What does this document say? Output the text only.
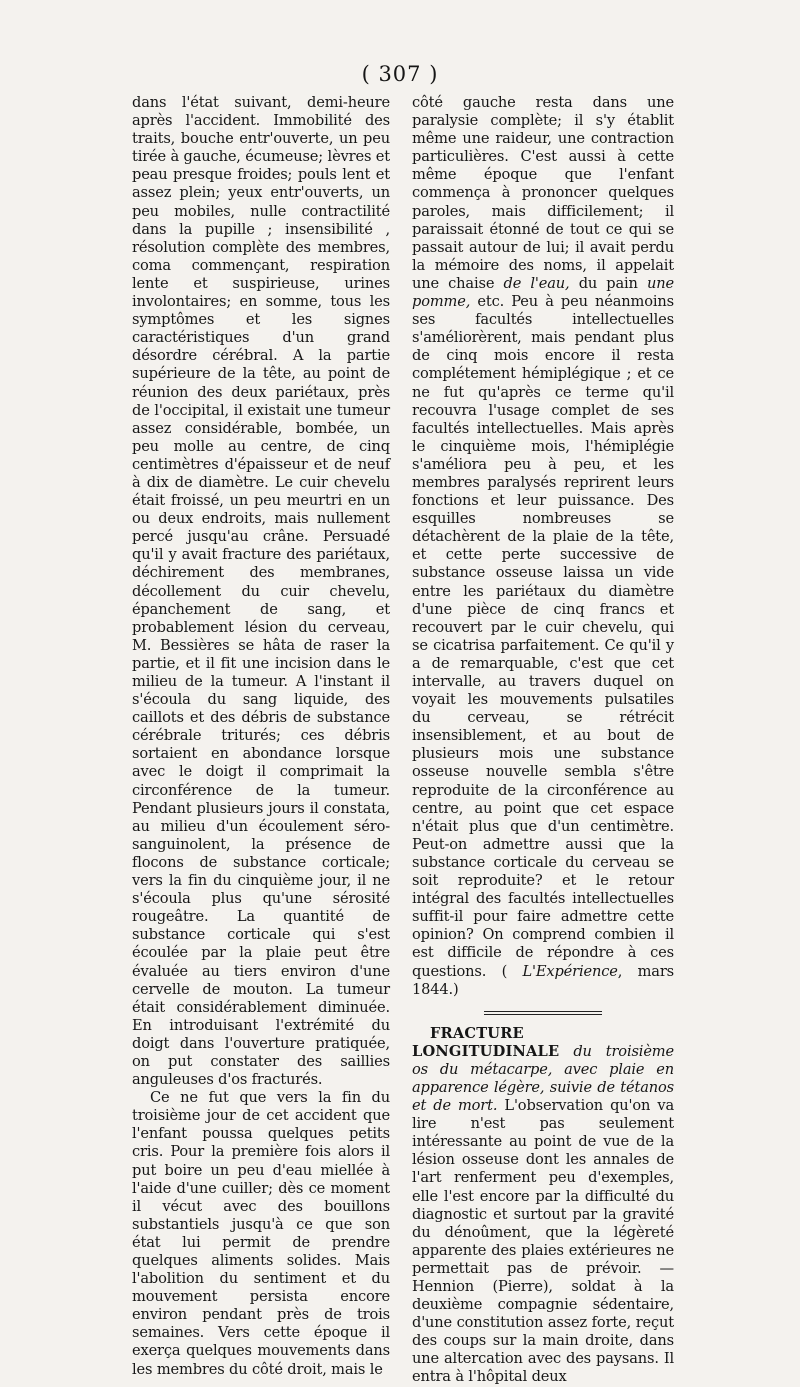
( 307 )

dans l'état suivant, demi-heure après l'accident. Immobilité des traits, bouche entr'ouverte, un peu tirée à gauche, écumeuse; lèvres et peau presque froides; pouls lent et assez plein; yeux entr'ouverts, un peu mobiles, nulle contractilité dans la pupille ; insensibilité , résolution complète des membres, coma commençant, respiration lente et suspirieuse, urines involontaires; en somme, tous les symptômes et les signes caractéristiques d'un grand désordre cérébral. A la partie supérieure de la tête, au point de réunion des deux pariétaux, près de l'occipital, il existait une tumeur assez considérable, bombée, un peu molle au centre, de cinq centimètres d'épaisseur et de neuf à dix de diamètre. Le cuir chevelu était froissé, un peu meurtri en un ou deux endroits, mais nullement percé jusqu'au crâne. Persuadé qu'il y avait fracture des pariétaux, déchirement des membranes, décollement du cuir chevelu, épanchement de sang, et probablement lésion du cerveau, M. Bessières se hâta de raser la partie, et il fit une incision dans le milieu de la tumeur. A l'instant il s'écoula du sang liquide, des caillots et des débris de substance cérébrale triturés; ces débris sortaient en abondance lorsque avec le doigt il comprimait la circonférence de la tumeur. Pendant plusieurs jours il constata, au milieu d'un écoulement séro-sanguinolent, la présence de flocons de substance corticale; vers la fin du cinquième jour, il ne s'écoula plus qu'une sérosité rougeâtre. La quantité de substance corticale qui s'est écoulée par la plaie peut être évaluée au tiers environ d'une cervelle de mouton. La tumeur était considérablement diminuée. En introduisant l'extrémité du doigt dans l'ouverture pratiquée, on put constater des saillies anguleuses d'os fracturés.

Ce ne fut que vers la fin du troisième jour de cet accident que l'enfant poussa quelques petits cris. Pour la première fois alors il put boire un peu d'eau miellée à l'aide d'une cuiller; dès ce moment il vécut avec des bouillons substantiels jusqu'à ce que son état lui permit de prendre quelques aliments solides. Mais l'abolition du sentiment et du mouvement persista encore environ pendant près de trois semaines. Vers cette époque il exerça quelques mouvements dans les membres du côté droit, mais le

côté gauche resta dans une paralysie complète; il s'y établit même une raideur, une contraction particulières. C'est aussi à cette même époque que l'enfant commença à prononcer quelques paroles, mais difficilement; il paraissait étonné de tout ce qui se passait autour de lui; il avait perdu la mémoire des noms, il appelait une chaise de l'eau, du pain une pomme, etc. Peu à peu néanmoins ses facultés intellectuelles s'améliorèrent, mais pendant plus de cinq mois encore il resta complétement hémiplégique ; et ce ne fut qu'après ce terme qu'il recouvra l'usage complet de ses facultés intellectuelles. Mais après le cinquième mois, l'hémiplégie s'améliora peu à peu, et les membres paralysés reprirent leurs fonctions et leur puissance. Des esquilles nombreuses se détachèrent de la plaie de la tête, et cette perte successive de substance osseuse laissa un vide entre les pariétaux du diamètre d'une pièce de cinq francs et recouvert par le cuir chevelu, qui se cicatrisa parfaitement. Ce qu'il y a de remarquable, c'est que cet intervalle, au travers duquel on voyait les mouvements pulsatiles du cerveau, se rétrécit insensiblement, et au bout de plusieurs mois une substance osseuse nouvelle sembla s'être reproduite de la circonférence au centre, au point que cet espace n'était plus que d'un centimètre. Peut-on admettre aussi que la substance corticale du cerveau se soit reproduite? et le retour intégral des facultés intellectuelles suffit-il pour faire admettre cette opinion? On comprend combien il est difficile de répondre à ces questions. ( L'Expérience, mars 1844.)

FRACTURE LONGITUDINALE du troisième os du métacarpe, avec plaie en apparence légère, suivie de tétanos et de mort. L'observation qu'on va lire n'est pas seulement intéressante au point de vue de la lésion osseuse dont les annales de l'art renferment peu d'exemples, elle l'est encore par la difficulté du diagnostic et surtout par la gravité du dénoûment, que la légèreté apparente des plaies extérieures ne permettait pas de prévoir. —Hennion (Pierre), soldat à la deuxième compagnie sédentaire, d'une constitution assez forte, reçut des coups sur la main droite, dans une altercation avec des paysans. Il entra à l'hôpital deux
